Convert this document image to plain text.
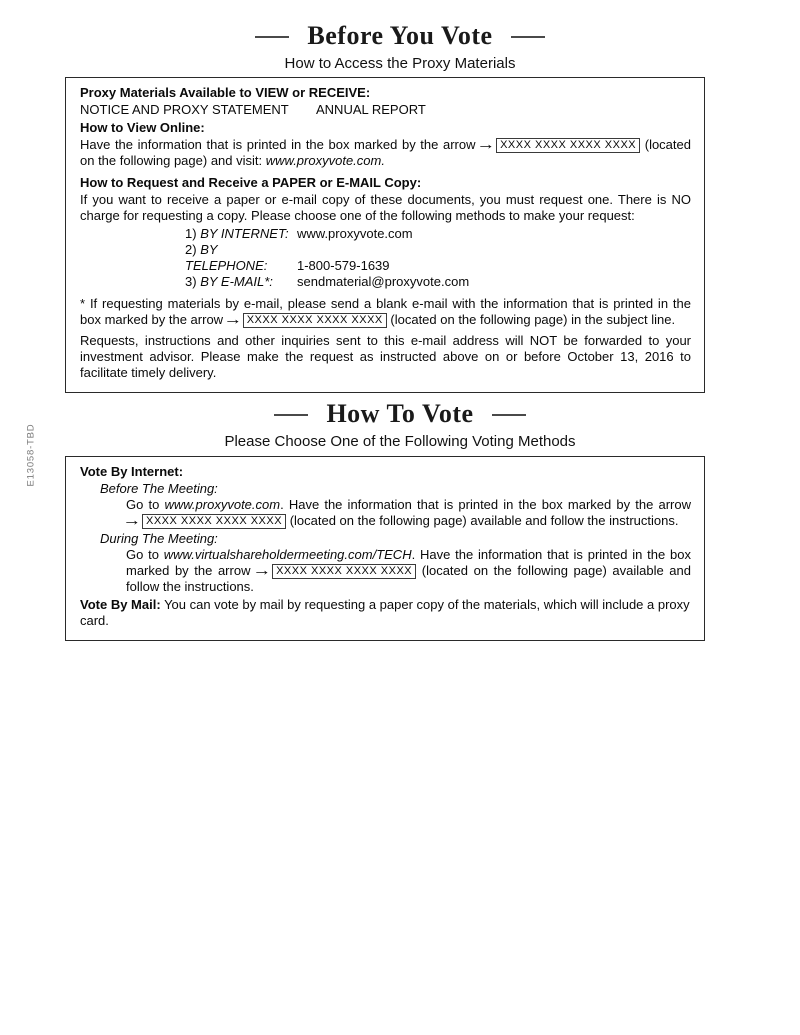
E13058-TBD
Before You Vote
How to Access the Proxy Materials
Proxy Materials Available to VIEW or RECEIVE:
NOTICE AND PROXY STATEMENT ANNUAL REPORT
How to View Online:

Have the information that is printed in the box marked by the arrow → XXXX XXXX XXXX XXXX (located on the following page) and visit: www.proxyvote.com.

How to Request and Receive a PAPER or E-MAIL Copy:

If you want to receive a paper or e-mail copy of these documents, you must request one. There is NO charge for requesting a copy. Please choose one of the following methods to make your request:

1) BY INTERNET: www.proxyvote.com
2) BY TELEPHONE: 1-800-579-1639
3) BY E-MAIL*: sendmaterial@proxyvote.com

* If requesting materials by e-mail, please send a blank e-mail with the information that is printed in the box marked by the arrow → XXXX XXXX XXXX XXXX (located on the following page) in the subject line.

Requests, instructions and other inquiries sent to this e-mail address will NOT be forwarded to your investment advisor. Please make the request as instructed above on or before October 13, 2016 to facilitate timely delivery.

How To Vote
Please Choose One of the Following Voting Methods
Vote By Internet:
Before The Meeting:

Go to www.proxyvote.com. Have the information that is printed in the box marked by the arrow → XXXX XXXX XXXX XXXX (located on the following page) available and follow the instructions.

During The Meeting:

Go to www.virtualshareholdermeeting.com/TECH. Have the information that is printed in the box marked by the arrow → XXXX XXXX XXXX XXXX (located on the following page) available and follow the instructions.

Vote By Mail: You can vote by mail by requesting a paper copy of the materials, which will include a proxy card.
